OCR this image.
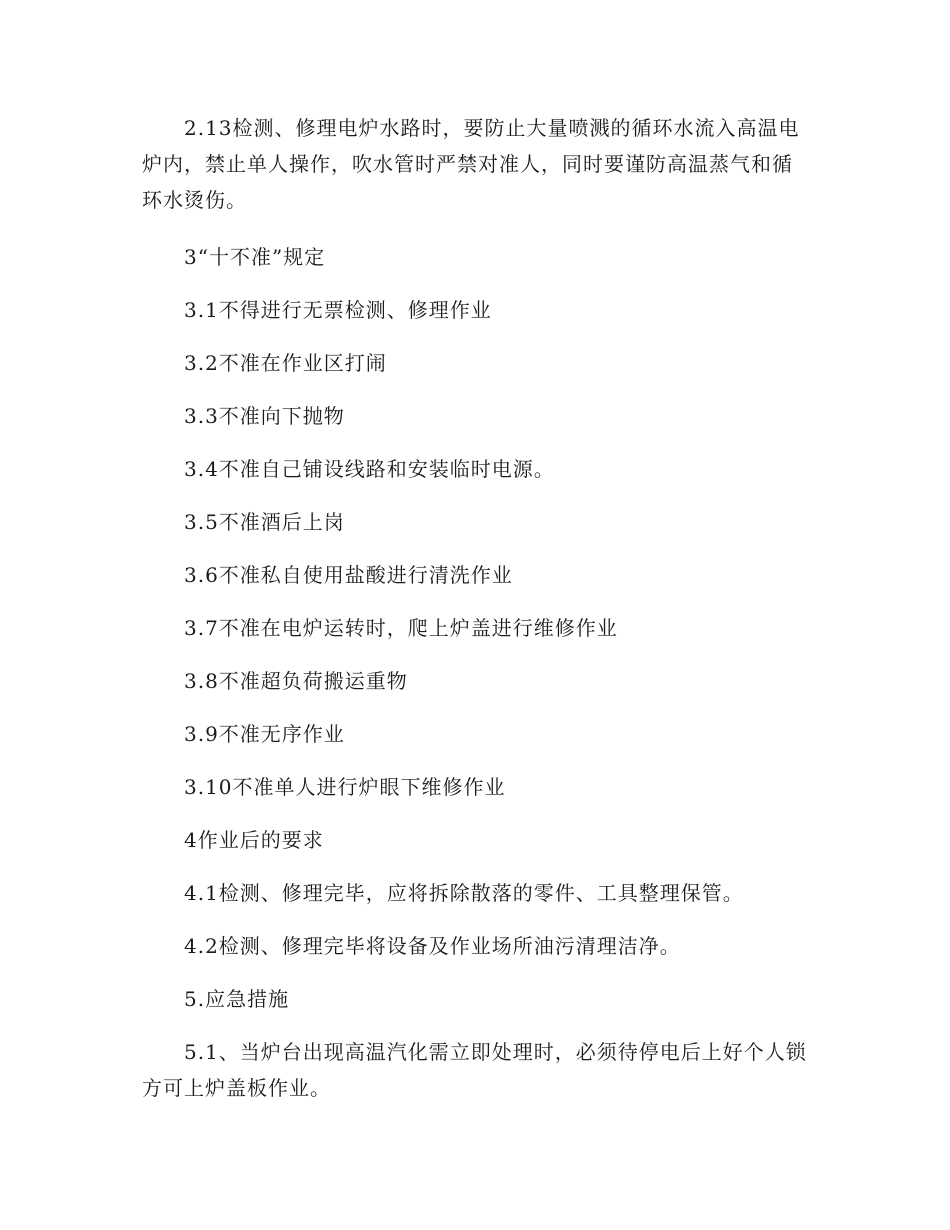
2.13检测、修理电炉水路时，要防止大量喷溅的循环水流入高温电炉内，禁止单人操作，吹水管时严禁对准人，同时要谨防高温蒸气和循环水烫伤。

3“十不准”规定

3.1不得进行无票检测、修理作业

3.2不准在作业区打闹

3.3不准向下抛物

3.4不准自己铺设线路和安装临时电源。

3.5不准酒后上岗

3.6不准私自使用盐酸进行清洗作业

3.7不准在电炉运转时，爬上炉盖进行维修作业

3.8不准超负荷搬运重物

3.9不准无序作业

3.10不准单人进行炉眼下维修作业

4作业后的要求

4.1检测、修理完毕，应将拆除散落的零件、工具整理保管。

4.2检测、修理完毕将设备及作业场所油污清理洁净。

5.应急措施

5.1、当炉台出现高温汽化需立即处理时，必须待停电后上好个人锁方可上炉盖板作业。
